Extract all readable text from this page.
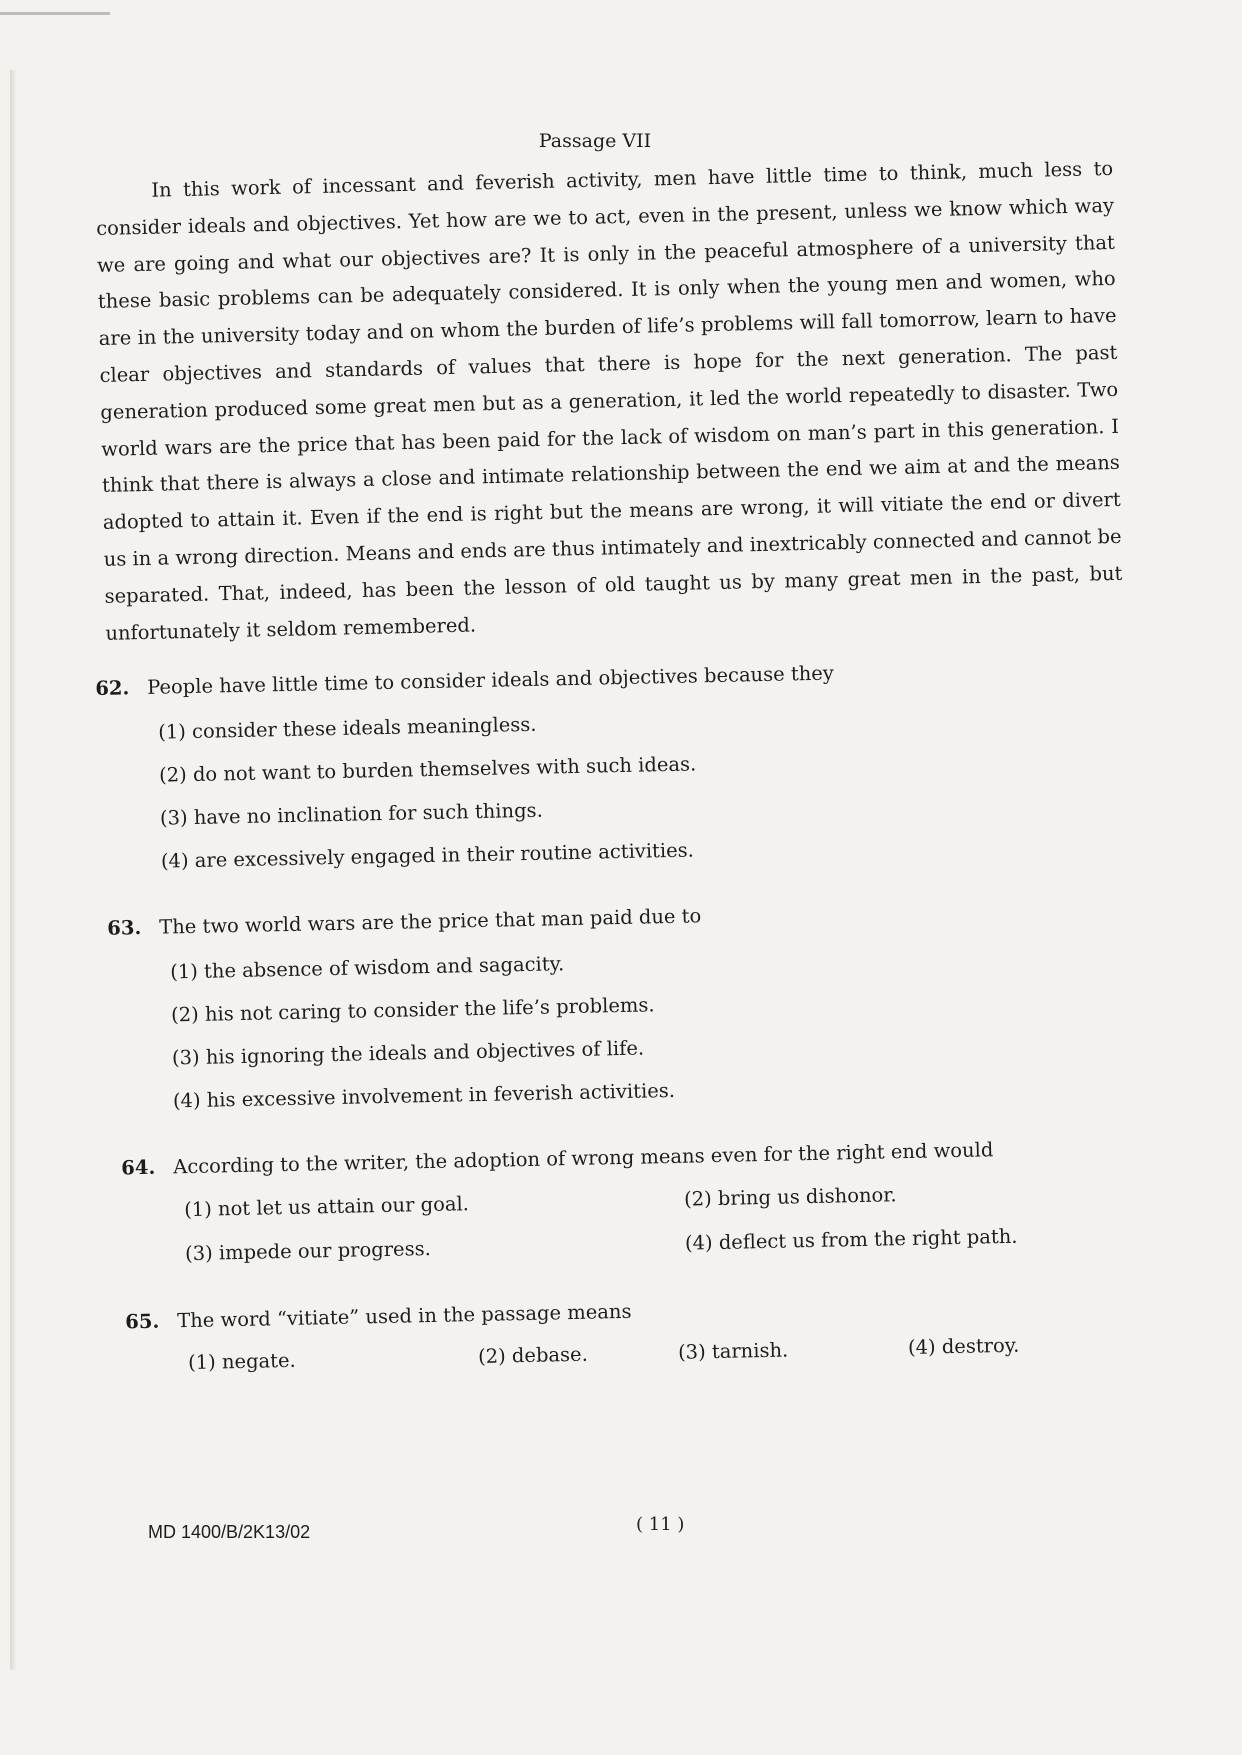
Passage VII

In this work of incessant and feverish activity, men have little time to think, much less to consider ideals and objectives. Yet how are we to act, even in the present, unless we know which way we are going and what our objectives are? It is only in the peaceful atmosphere of a university that these basic problems can be adequately considered. It is only when the young men and women, who are in the university today and on whom the burden of life’s problems will fall tomorrow, learn to have clear objectives and standards of values that there is hope for the next generation. The past generation produced some great men but as a generation, it led the world repeatedly to disaster. Two world wars are the price that has been paid for the lack of wisdom on man’s part in this generation. I think that there is always a close and intimate relationship between the end we aim at and the means adopted to attain it. Even if the end is right but the means are wrong, it will vitiate the end or divert us in a wrong direction. Means and ends are thus intimately and inextricably connected and cannot be separated. That, indeed, has been the lesson of old taught us by many great men in the past, but unfortunately it seldom remembered.

62. People have little time to consider ideals and objectives because they
(1) consider these ideals meaningless.
(2) do not want to burden themselves with such ideas.
(3) have no inclination for such things.
(4) are excessively engaged in their routine activities.
63. The two world wars are the price that man paid due to
(1) the absence of wisdom and sagacity.
(2) his not caring to consider the life’s problems.
(3) his ignoring the ideals and objectives of life.
(4) his excessive involvement in feverish activities.
64. According to the writer, the adoption of wrong means even for the right end would
(1) not let us attain our goal.	(2) bring us dishonor.
(3) impede our progress.	(4) deflect us from the right path.
65. The word “vitiate” used in the passage means
(1) negate.	(2) debase.	(3) tarnish.	(4) destroy.
MD 1400/B/2K13/02	( 11 )
